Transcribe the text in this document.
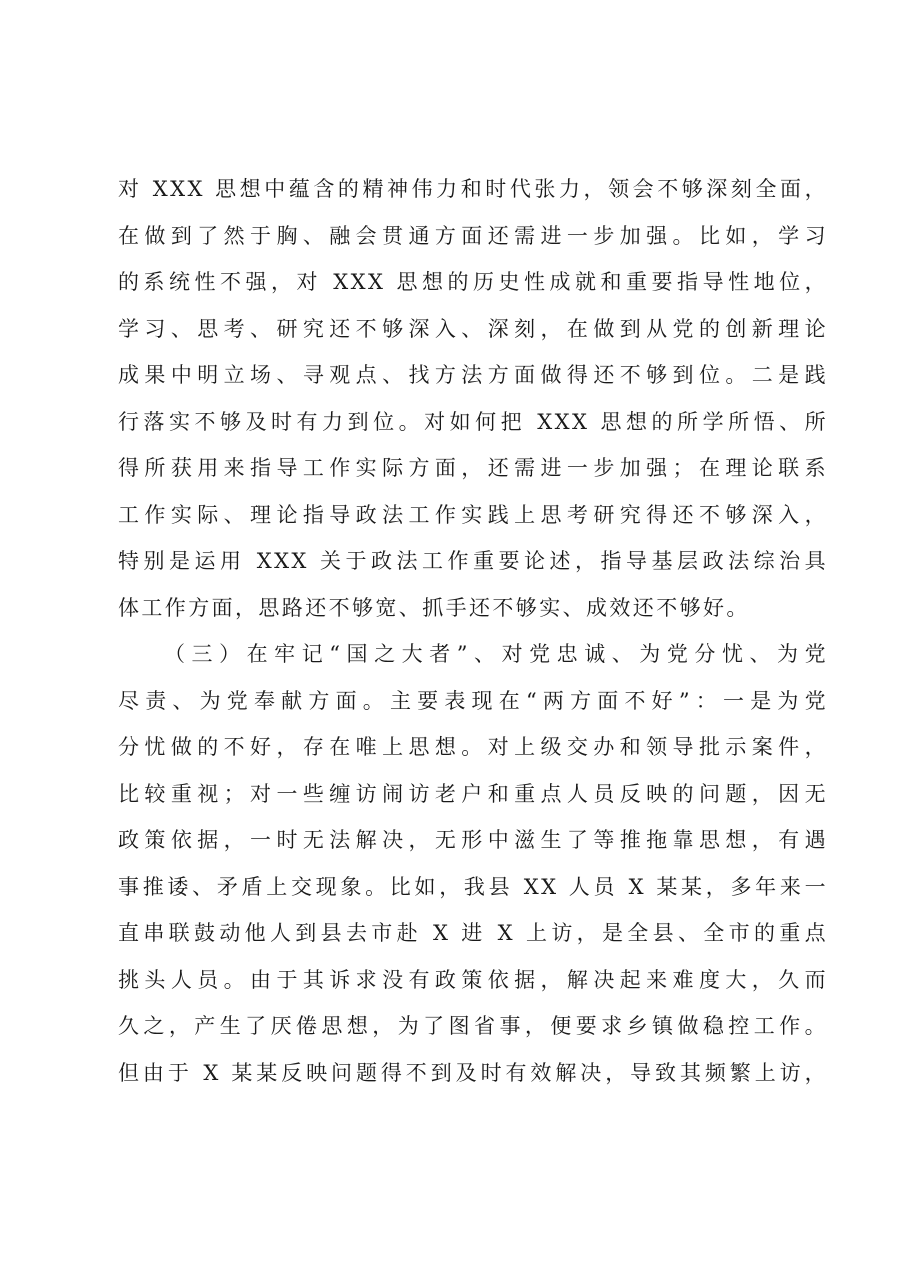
对 XXX 思想中蕴含的精神伟力和时代张力，领会不够深刻全面，
在做到了然于胸、融会贯通方面还需进一步加强。比如，学习
的系统性不强，对 XXX 思想的历史性成就和重要指导性地位，
学习、思考、研究还不够深入、深刻，在做到从党的创新理论
成果中明立场、寻观点、找方法方面做得还不够到位。二是践
行落实不够及时有力到位。对如何把 XXX 思想的所学所悟、所
得所获用来指导工作实际方面，还需进一步加强；在理论联系
工作实际、理论指导政法工作实践上思考研究得还不够深入，
特别是运用 XXX 关于政法工作重要论述，指导基层政法综治具
体工作方面，思路还不够宽、抓手还不够实、成效还不够好。
（三）在牢记“国之大者”、对党忠诚、为党分忧、为党
尽责、为党奉献方面。主要表现在“两方面不好”：一是为党
分忧做的不好，存在唯上思想。对上级交办和领导批示案件，
比较重视；对一些缠访闹访老户和重点人员反映的问题，因无
政策依据，一时无法解决，无形中滋生了等推拖靠思想，有遇
事推诿、矛盾上交现象。比如，我县 XX 人员 X 某某，多年来一
直串联鼓动他人到县去市赴 X 进 X 上访，是全县、全市的重点
挑头人员。由于其诉求没有政策依据，解决起来难度大，久而
久之，产生了厌倦思想，为了图省事，便要求乡镇做稳控工作。
但由于 X 某某反映问题得不到及时有效解决，导致其频繁上访，
